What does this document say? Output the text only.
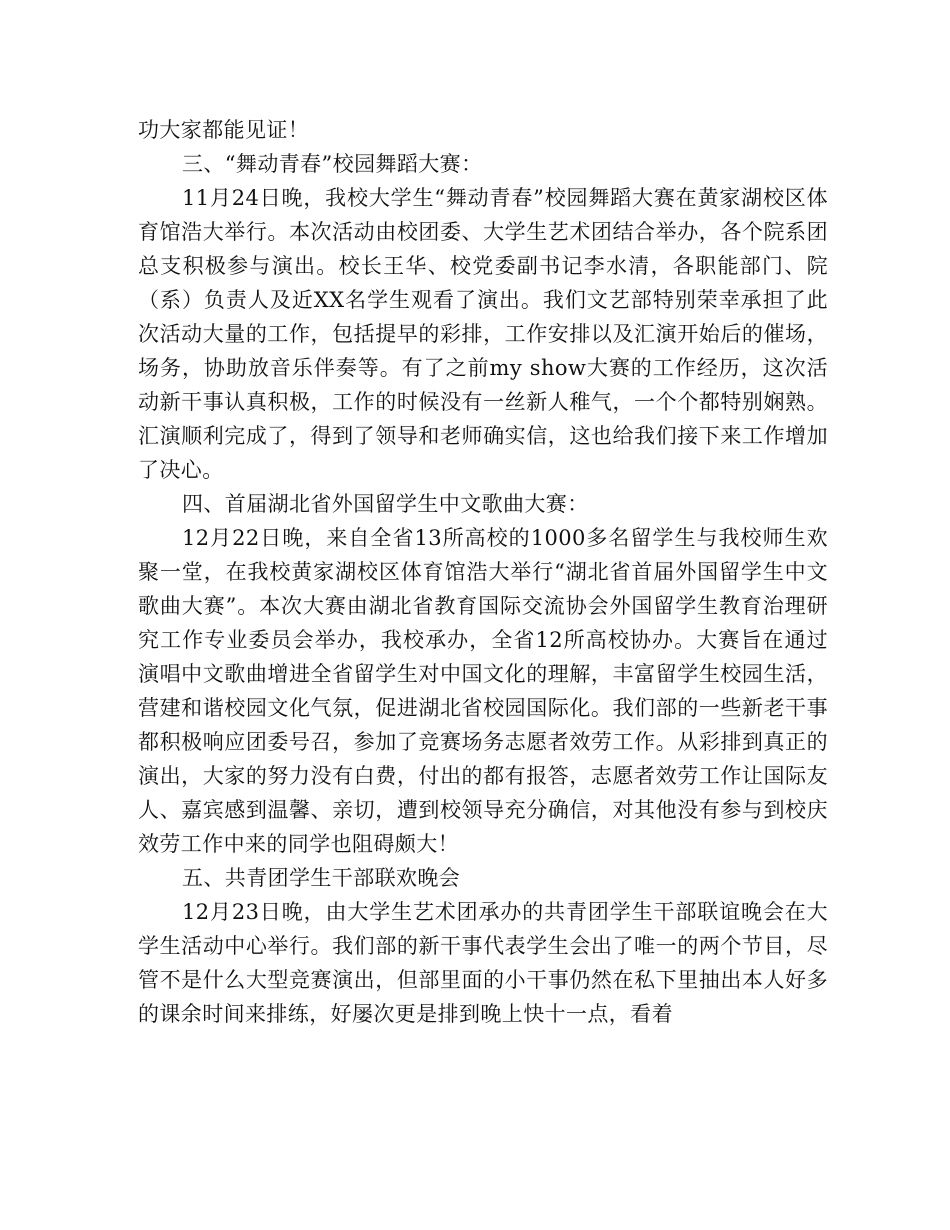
功大家都能见证！

三、“舞动青春”校园舞蹈大赛：

11月24日晚，我校大学生“舞动青春”校园舞蹈大赛在黄家湖校区体育馆浩大举行。本次活动由校团委、大学生艺术团结合举办，各个院系团总支积极参与演出。校长王华、校党委副书记李水清，各职能部门、院（系）负责人及近XX名学生观看了演出。我们文艺部特别荣幸承担了此次活动大量的工作，包括提早的彩排，工作安排以及汇演开始后的催场，场务，协助放音乐伴奏等。有了之前my show大赛的工作经历，这次活动新干事认真积极，工作的时候没有一丝新人稚气，一个个都特别娴熟。汇演顺利完成了，得到了领导和老师确实信，这也给我们接下来工作增加了决心。

四、首届湖北省外国留学生中文歌曲大赛：

12月22日晚，来自全省13所高校的1000多名留学生与我校师生欢聚一堂，在我校黄家湖校区体育馆浩大举行“湖北省首届外国留学生中文歌曲大赛”。本次大赛由湖北省教育国际交流协会外国留学生教育治理研究工作专业委员会举办，我校承办，全省12所高校协办。大赛旨在通过演唱中文歌曲增进全省留学生对中国文化的理解，丰富留学生校园生活，营建和谐校园文化气氛，促进湖北省校园国际化。我们部的一些新老干事都积极响应团委号召，参加了竞赛场务志愿者效劳工作。从彩排到真正的演出，大家的努力没有白费，付出的都有报答，志愿者效劳工作让国际友人、嘉宾感到温馨、亲切，遭到校领导充分确信，对其他没有参与到校庆效劳工作中来的同学也阻碍颇大！

五、共青团学生干部联欢晚会

12月23日晚，由大学生艺术团承办的共青团学生干部联谊晚会在大学生活动中心举行。我们部的新干事代表学生会出了唯一的两个节目，尽管不是什么大型竞赛演出，但部里面的小干事仍然在私下里抽出本人好多的课余时间来排练，好屡次更是排到晚上快十一点，看着
